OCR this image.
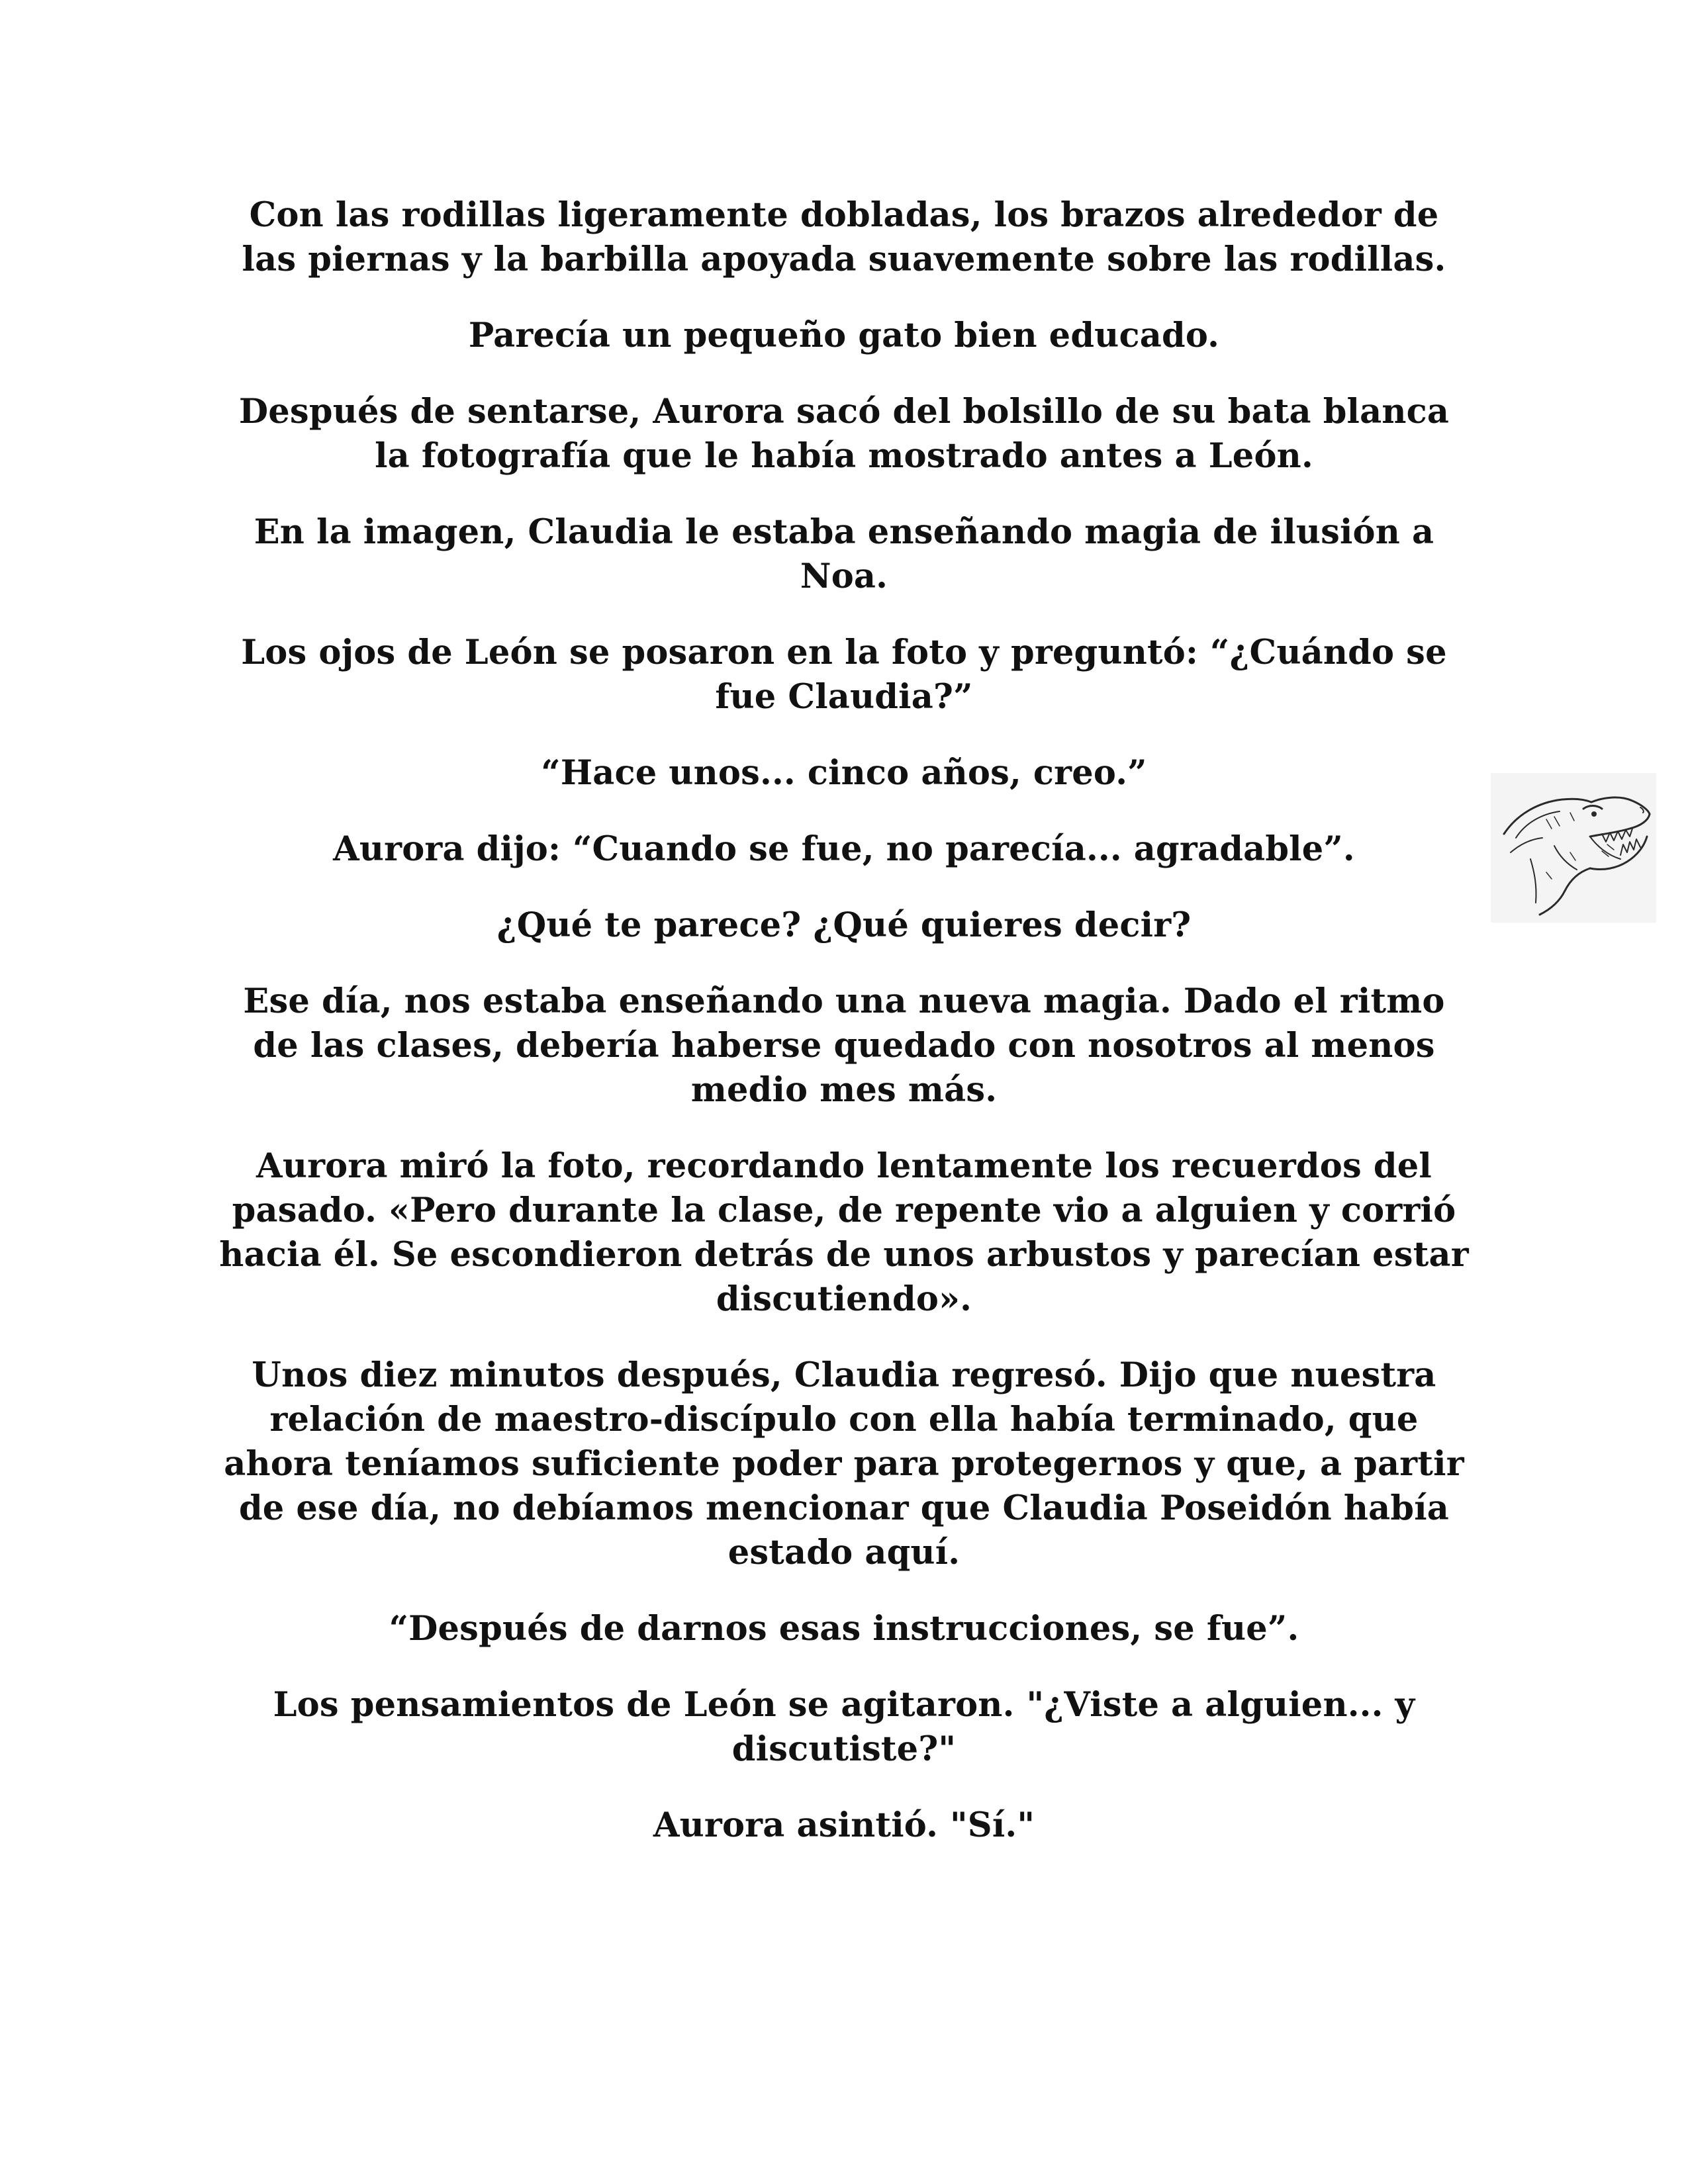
Con las rodillas ligeramente dobladas, los brazos alrededor de las piernas y la barbilla apoyada suavemente sobre las rodillas.

Parecía un pequeño gato bien educado.

Después de sentarse, Aurora sacó del bolsillo de su bata blanca la fotografía que le había mostrado antes a León.

En la imagen, Claudia le estaba enseñando magia de ilusión a Noa.

Los ojos de León se posaron en la foto y preguntó: “¿Cuándo se fue Claudia?”

“Hace unos... cinco años, creo.”

Aurora dijo: “Cuando se fue, no parecía... agradable”.

¿Qué te parece? ¿Qué quieres decir?

Ese día, nos estaba enseñando una nueva magia. Dado el ritmo de las clases, debería haberse quedado con nosotros al menos medio mes más.

Aurora miró la foto, recordando lentamente los recuerdos del pasado. «Pero durante la clase, de repente vio a alguien y corrió hacia él. Se escondieron detrás de unos arbustos y parecían estar discutiendo».

Unos diez minutos después, Claudia regresó. Dijo que nuestra relación de maestro-discípulo con ella había terminado, que ahora teníamos suficiente poder para protegernos y que, a partir de ese día, no debíamos mencionar que Claudia Poseidón había estado aquí.

“Después de darnos esas instrucciones, se fue”.

Los pensamientos de León se agitaron. "¿Viste a alguien... y discutiste?"

Aurora asintió. "Sí."
